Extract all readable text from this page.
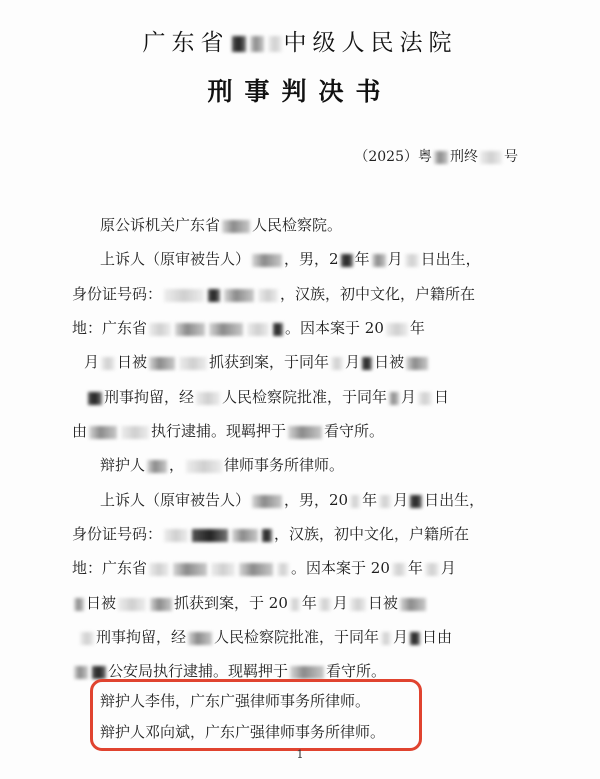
广东省 中级人民法院
刑事判决书
（2025）粤 刑终 号
原公诉机关广东省 人民检察院。
上诉人（原审被告人） ，男，2 年 月 日出生，
身份证号码：	，汉族，初中文化，户籍所在
地：广东省	。因本案于 20 年
月 日被	抓获到案，于同年 月 日被
刑事拘留，经 人民检察院批准，于同年 月 日
由	执行逮捕。现羁押于	看守所。
辩护人 ，	律师事务所律师。
上诉人（原审被告人） ，男，20 年 月 日出生，
身份证号码：	，汉族，初中文化，户籍所在
地：广东省	。因本案于 20 年 月
日被	抓获到案，于 20 年 月 日被
刑事拘留，经 人民检察院批准，于同年 月 日由
公安局执行逮捕。现羁押于	看守所。
辩护人李伟，广东广强律师事务所律师。
辩护人邓向斌，广东广强律师事务所律师。
1
